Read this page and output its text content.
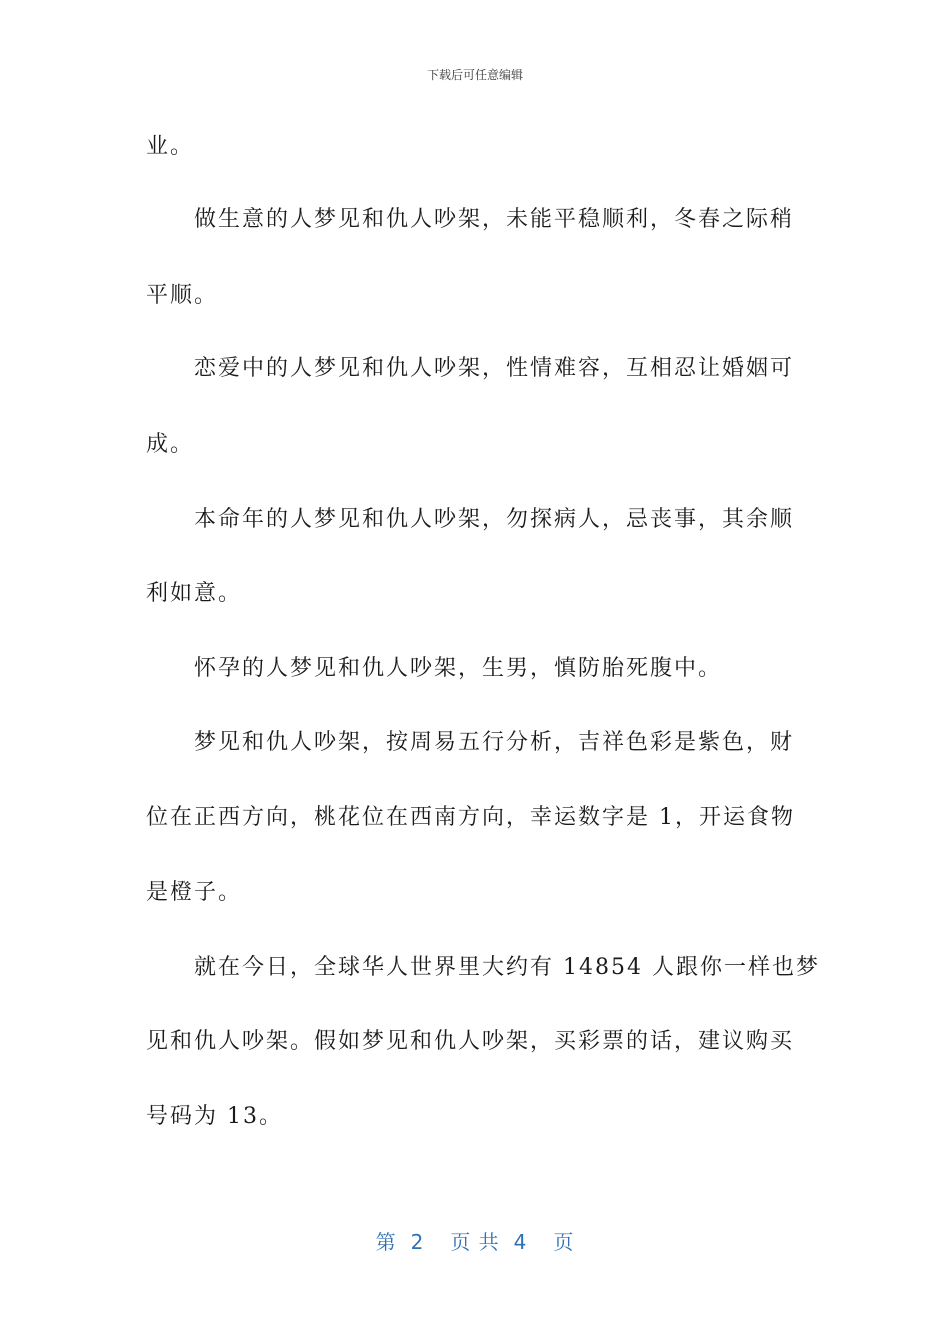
下载后可任意编辑
业。
做生意的人梦见和仇人吵架，未能平稳顺利，冬春之际稍
平顺。
恋爱中的人梦见和仇人吵架，性情难容，互相忍让婚姻可
成。
本命年的人梦见和仇人吵架，勿探病人，忌丧事，其余顺
利如意。
怀孕的人梦见和仇人吵架，生男，慎防胎死腹中。
梦见和仇人吵架，按周易五行分析，吉祥色彩是紫色，财
位在正西方向，桃花位在西南方向，幸运数字是 1，开运食物
是橙子。
就在今日，全球华人世界里大约有 14854 人跟你一样也梦
见和仇人吵架。假如梦见和仇人吵架，买彩票的话，建议购买
号码为 13。
第 2 页 共 4 页
